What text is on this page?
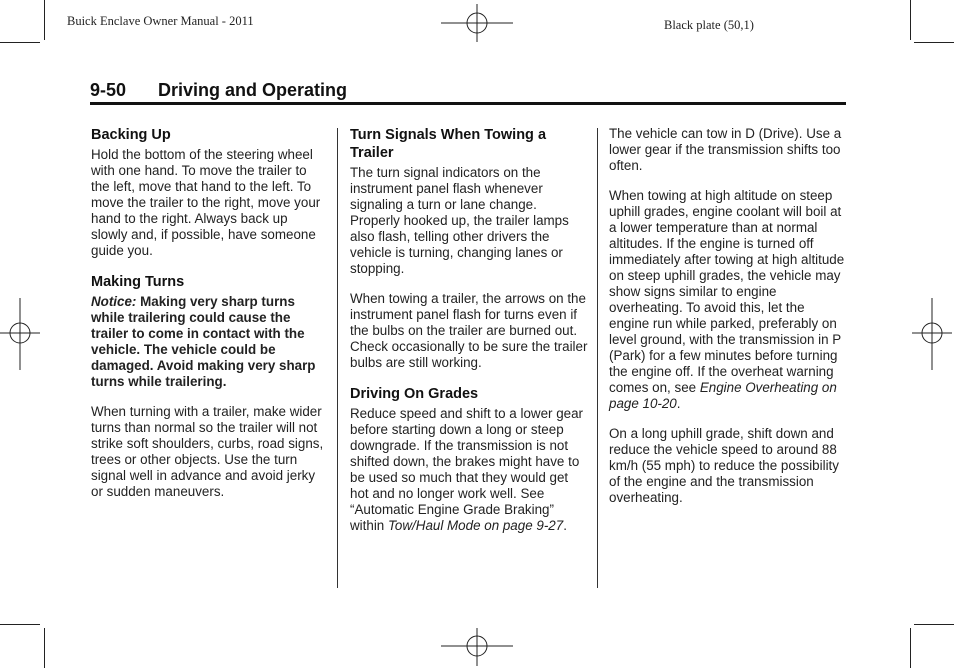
Buick Enclave Owner Manual - 2011	Black plate (50,1)
9-50 Driving and Operating
Backing Up

Hold the bottom of the steering wheel with one hand. To move the trailer to the left, move that hand to the left. To move the trailer to the right, move your hand to the right. Always back up slowly and, if possible, have someone guide you.

Making Turns

Notice: Making very sharp turns while trailering could cause the trailer to come in contact with the vehicle. The vehicle could be damaged. Avoid making very sharp turns while trailering.

When turning with a trailer, make wider turns than normal so the trailer will not strike soft shoulders, curbs, road signs, trees or other objects. Use the turn signal well in advance and avoid jerky or sudden maneuvers.

Turn Signals When Towing a Trailer

The turn signal indicators on the instrument panel flash whenever signaling a turn or lane change. Properly hooked up, the trailer lamps also flash, telling other drivers the vehicle is turning, changing lanes or stopping.

When towing a trailer, the arrows on the instrument panel flash for turns even if the bulbs on the trailer are burned out. Check occasionally to be sure the trailer bulbs are still working.

Driving On Grades

Reduce speed and shift to a lower gear before starting down a long or steep downgrade. If the transmission is not shifted down, the brakes might have to be used so much that they would get hot and no longer work well. See “Automatic Engine Grade Braking” within Tow/Haul Mode on page 9-27.

The vehicle can tow in D (Drive). Use a lower gear if the transmission shifts too often.

When towing at high altitude on steep uphill grades, engine coolant will boil at a lower temperature than at normal altitudes. If the engine is turned off immediately after towing at high altitude on steep uphill grades, the vehicle may show signs similar to engine overheating. To avoid this, let the engine run while parked, preferably on level ground, with the transmission in P (Park) for a few minutes before turning the engine off. If the overheat warning comes on, see Engine Overheating on page 10-20.

On a long uphill grade, shift down and reduce the vehicle speed to around 88 km/h (55 mph) to reduce the possibility of the engine and the transmission overheating.
